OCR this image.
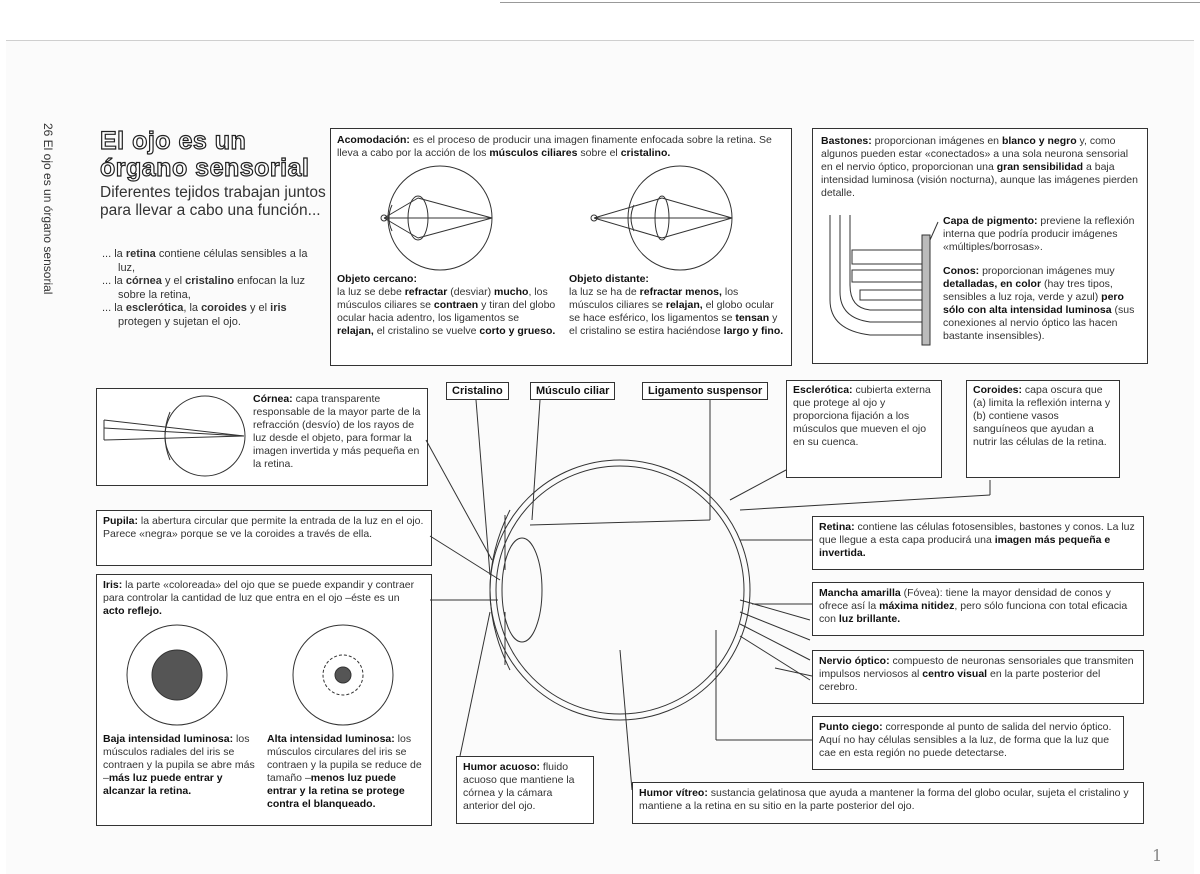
26 El ojo es un órgano sensorial El ojo es un
órgano sensorial
Diferentes tejidos trabajan juntos para llevar a cabo una función...
... la retina contiene células sensibles a la luz,
... la córnea y el cristalino enfocan la luz sobre la retina,
... la esclerótica, la coroides y el iris protegen y sujetan el ojo.
Acomodación: es el proceso de producir una imagen finamente enfocada sobre la retina. Se lleva a cabo por la acción de los músculos ciliares sobre el cristalino.
Objeto cercano:
la luz se debe refractar (desviar) mucho, los músculos ciliares se contraen y tiran del globo ocular hacia adentro, los ligamentos se relajan, el cristalino se vuelve corto y grueso.
Objeto distante:
la luz se ha de refractar menos, los músculos ciliares se relajan, el globo ocular se hace esférico, los ligamentos se tensan y el cristalino se estira haciéndose largo y fino.
Bastones: proporcionan imágenes en blanco y negro y, como algunos pueden estar «conectados» a una sola neurona sensorial en el nervio óptico, proporcionan una gran sensibilidad a baja intensidad luminosa (visión nocturna), aunque las imágenes pierden detalle.
Capa de pigmento: previene la reflexión interna que podría producir imágenes «múltiples/borrosas».
Conos: proporcionan imágenes muy detalladas, en color (hay tres tipos, sensibles a luz roja, verde y azul) pero sólo con alta intensidad luminosa (sus conexiones al nervio óptico las hacen bastante insensibles).
Córnea: capa transparente responsable de la mayor parte de la refracción (desvío) de los rayos de luz desde el objeto, para formar la imagen invertida y más pequeña en la retina.
Cristalino	Músculo ciliar	Ligamento suspensor	Esclerótica: cubierta externa que protege al ojo y proporciona fijación a los músculos que mueven el ojo en su cuenca.
Coroides: capa oscura que (a) limita la reflexión interna y (b) contiene vasos sanguíneos que ayudan a nutrir las células de la retina.
Pupila: la abertura circular que permite la entrada de la luz en el ojo. Parece «negra» porque se ve la coroides a través de ella.
Iris: la parte «coloreada» del ojo que se puede expandir y contraer para controlar la cantidad de luz que entra en el ojo –éste es un acto reflejo.
Baja intensidad luminosa: los músculos radiales del iris se contraen y la pupila se abre más –más luz puede entrar y alcanzar la retina.
Alta intensidad luminosa: los músculos circulares del iris se contraen y la pupila se reduce de tamaño –menos luz puede entrar y la retina se protege contra el blanqueado.
Retina: contiene las células fotosensibles, bastones y conos. La luz que llegue a esta capa producirá una imagen más pequeña e invertida.
Mancha amarilla (Fóvea): tiene la mayor densidad de conos y ofrece así la máxima nitidez, pero sólo funciona con total eficacia con luz brillante.
Nervio óptico: compuesto de neuronas sensoriales que transmiten impulsos nerviosos al centro visual en la parte posterior del cerebro.
Punto ciego: corresponde al punto de salida del nervio óptico. Aquí no hay células sensibles a la luz, de forma que la luz que cae en esta región no puede detectarse.
Humor acuoso: fluido acuoso que mantiene la córnea y la cámara anterior del ojo.
Humor vítreo: sustancia gelatinosa que ayuda a mantener la forma del globo ocular, sujeta el cristalino y mantiene a la retina en su sitio en la parte posterior del ojo.
1
